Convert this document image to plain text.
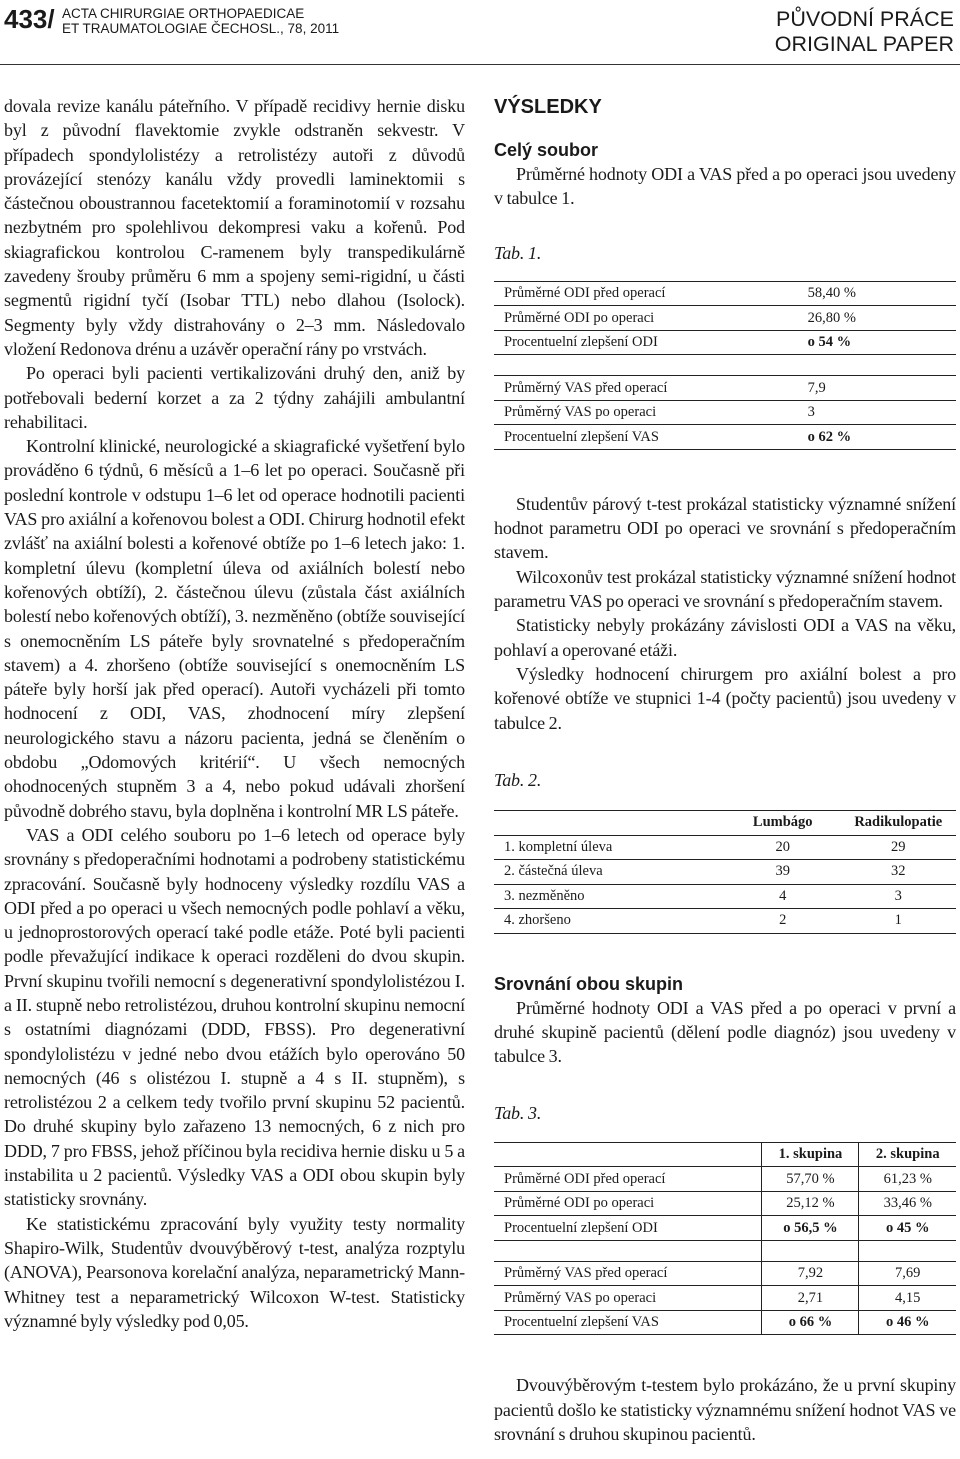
433/ ACTA CHIRURGIAE ORTHOPAEDICAE
ET TRAUMATOLOGIAE ČECHOSL., 78, 2011	PŮVODNÍ PRÁCE
ORIGINAL PAPER

dovala revize kanálu páteřního. V případě recidivy hernie disku byl z původní flavektomie zvykle odstraněn sekvestr. V případech spondylolistézy a retrolistézy autoři z důvodů provázející stenózy kanálu vždy provedli laminektomii s částečnou oboustrannou facetektomií a foraminotomií v rozsahu nezbytném pro spolehlivou dekompresi vaku a kořenů. Pod skiagrafickou kontrolou C-ramenem byly transpedikulárně zavedeny šrouby průměru 6 mm a spojeny semi-rigidní, u části segmentů rigidní tyčí (Isobar TTL) nebo dlahou (Isolock). Segmenty byly vždy distrahovány o 2–3 mm. Následovalo vložení Redonova drénu a uzávěr operační rány po vrstvách.

Po operaci byli pacienti vertikalizováni druhý den, aniž by potřebovali bederní korzet a za 2 týdny zahájili ambulantní rehabilitaci.

Kontrolní klinické, neurologické a skiagrafické vyšetření bylo prováděno 6 týdnů, 6 měsíců a 1–6 let po operaci. Současně při poslední kontrole v odstupu 1–6 let od operace hodnotili pacienti VAS pro axiální a kořenovou bolest a ODI. Chirurg hodnotil efekt zvlášť na axiální bolesti a kořenové obtíže po 1–6 letech jako: 1. kompletní úlevu (kompletní úleva od axiálních bolestí nebo kořenových obtíží), 2. částečnou úlevu (zůstala část axiálních bolestí nebo kořenových obtíží), 3. nezměněno (obtíže související s onemocněním LS páteře byly srovnatelné s předoperačním stavem) a 4. zhoršeno (obtíže související s onemocněním LS páteře byly horší jak před operací). Autoři vycházeli při tomto hodnocení z ODI, VAS, zhodnocení míry zlepšení neurologického stavu a názoru pacienta, jedná se členěním o obdobu „Odomových kritérií“. U všech nemocných ohodnocených stupněm 3 a 4, nebo pokud udávali zhoršení původně dobrého stavu, byla doplněna i kontrolní MR LS páteře.

VAS a ODI celého souboru po 1–6 letech od operace byly srovnány s předoperačními hodnotami a podrobeny statistickému zpracování. Současně byly hodnoceny výsledky rozdílu VAS a ODI před a po operaci u všech nemocných podle pohlaví a věku, u jednoprostorových operací také podle etáže. Poté byli pacienti podle převažující indikace k operaci rozděleni do dvou skupin. První skupinu tvořili nemocní s degenerativní spondylolistézou I. a II. stupně nebo retrolistézou, druhou kontrolní skupinu nemocní s ostatními diagnózami (DDD, FBSS). Pro degenerativní spondylolistézu v jedné nebo dvou etážích bylo operováno 50 nemocných (46 s olistézou I. stupně a 4 s II. stupněm), s retrolistézou 2 a celkem tedy tvořilo první skupinu 52 pacientů. Do druhé skupiny bylo zařazeno 13 nemocných, 6 z nich pro DDD, 7 pro FBSS, jehož příčinou byla recidiva hernie disku u 5 a instabilita u 2 pacientů. Výsledky VAS a ODI obou skupin byly statisticky srovnány.

Ke statistickému zpracování byly využity testy normality Shapiro-Wilk, Studentův dvouvýběrový t-test, analýza rozptylu (ANOVA), Pearsonova korelační analýza, neparametrický Mann-Whitney test a neparametrický Wilcoxon W-test. Statisticky významné byly výsledky pod 0,05.

VÝSLEDKY
Celý soubor

Průměrné hodnoty ODI a VAS před a po operaci jsou uvedeny v tabulce 1.

Tab. 1.

Průměrné ODI před operací	58,40 %
Průměrné ODI po operaci	26,80 %
Procentuelní zlepšení ODI	o 54 %

Průměrný VAS před operací	7,9
Průměrný VAS po operaci	3
Procentuelní zlepšení VAS	o 62 %

Studentův párový t-test prokázal statisticky významné snížení hodnot parametru ODI po operaci ve srovnání s předoperačním stavem.

Wilcoxonův test prokázal statisticky významné snížení hodnot parametru VAS po operaci ve srovnání s předoperačním stavem.

Statisticky nebyly prokázány závislosti ODI a VAS na věku, pohlaví a operované etáži.

Výsledky hodnocení chirurgem pro axiální bolest a pro kořenové obtíže ve stupnici 1-4 (počty pacientů) jsou uvedeny v tabulce 2.

Tab. 2.

	Lumbágo	Radikulopatie
1. kompletní úleva	20	29
2. částečná úleva	39	32
3. nezměněno	4	3
4. zhoršeno	2	1
Srovnání obou skupin

Průměrné hodnoty ODI a VAS před a po operaci v první a druhé skupině pacientů (dělení podle diagnóz) jsou uvedeny v tabulce 3.

Tab. 3.

	1. skupina	2. skupina
Průměrné ODI před operací	57,70 %	61,23 %
Průměrné ODI po operaci	25,12 %	33,46 %
Procentuelní zlepšení ODI	o 56,5 %	o 45 %

Průměrný VAS před operací	7,92	7,69
Průměrný VAS po operaci	2,71	4,15
Procentuelní zlepšení VAS	o 66 %	o 46 %

Dvouvýběrovým t-testem bylo prokázáno, že u první skupiny pacientů došlo ke statisticky významnému snížení hodnot VAS ve srovnání s druhou skupinou pacientů.
